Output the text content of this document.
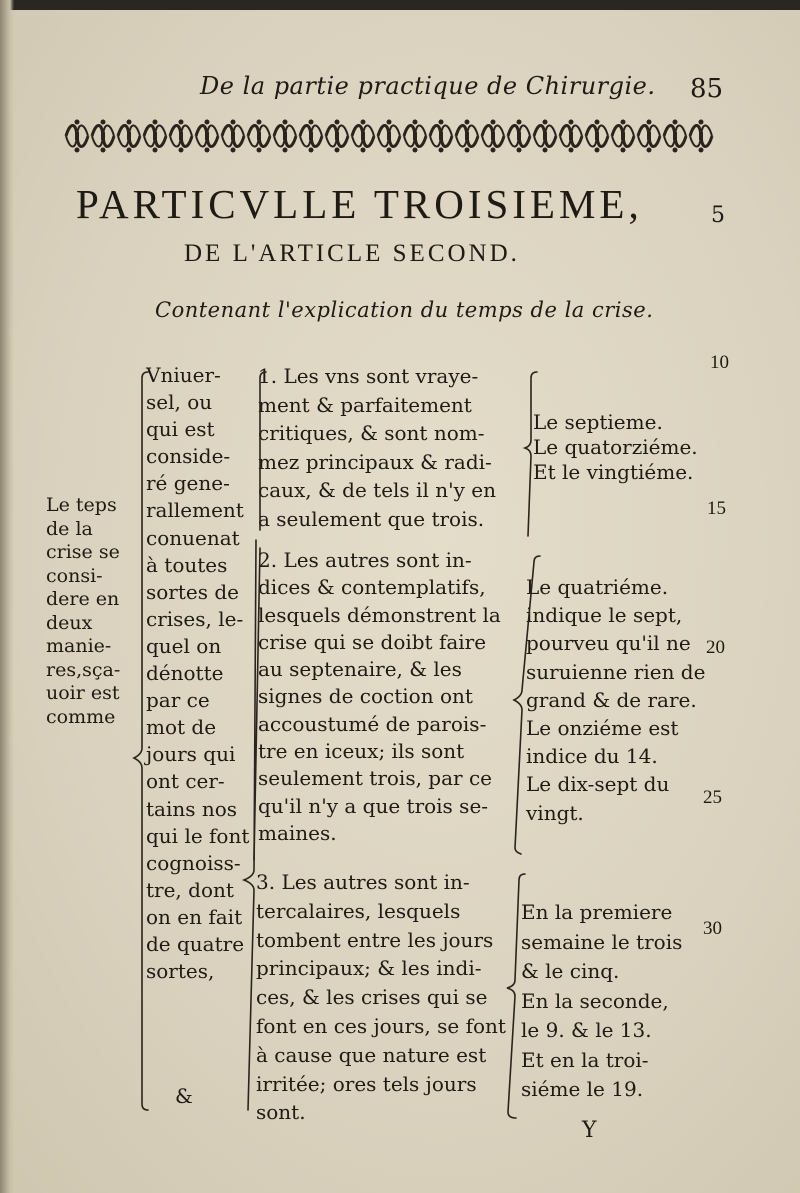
De la partie practique de Chirurgie. 85
PARTICVLLE TROISIEME,	5
DE L'ARTICLE SECOND.
Contenant l'explication du temps de la crise.
Le teps
de la
crise se
consi-
dere en
deux
manie-
res,sça-
uoir est
comme
Vniuer-
sel, ou
qui est
conside-
ré gene-
rallement
conuenat
à toutes
sortes de
crises, le-
quel on
dénotte
par ce
mot de
jours qui
ont cer-
tains nos
qui le font
cognoiss-
tre, dont
on en fait
de quatre
sortes,
1. Les vns sont vraye-
ment & parfaitement
critiques, & sont nom-
mez principaux & radi-
caux, & de tels il n'y en
a seulement que trois.
2. Les autres sont in-
dices & contemplatifs,
lesquels démonstrent la
crise qui se doibt faire
au septenaire, & les
signes de coction ont
accoustumé de parois-
tre en iceux; ils sont
seulement trois, par ce
qu'il n'y a que trois se-
maines.
3. Les autres sont in-
tercalaires, lesquels
tombent entre les jours
principaux; & les indi-
ces, & les crises qui se
font en ces jours, se font
à cause que nature est
irritée; ores tels jours
sont.
Le septieme.
Le quatorziéme.
Et le vingtiéme.
Le quatriéme.
indique le sept,
pourveu qu'il ne
suruienne rien de
grand & de rare.
Le onziéme est
indice du 14.
Le dix-sept du
vingt.
En la premiere
semaine le trois
& le cinq.
En la seconde,
le 9. & le 13.
Et en la troi-
siéme le 19.
10
15
20
25
30
&
Y
